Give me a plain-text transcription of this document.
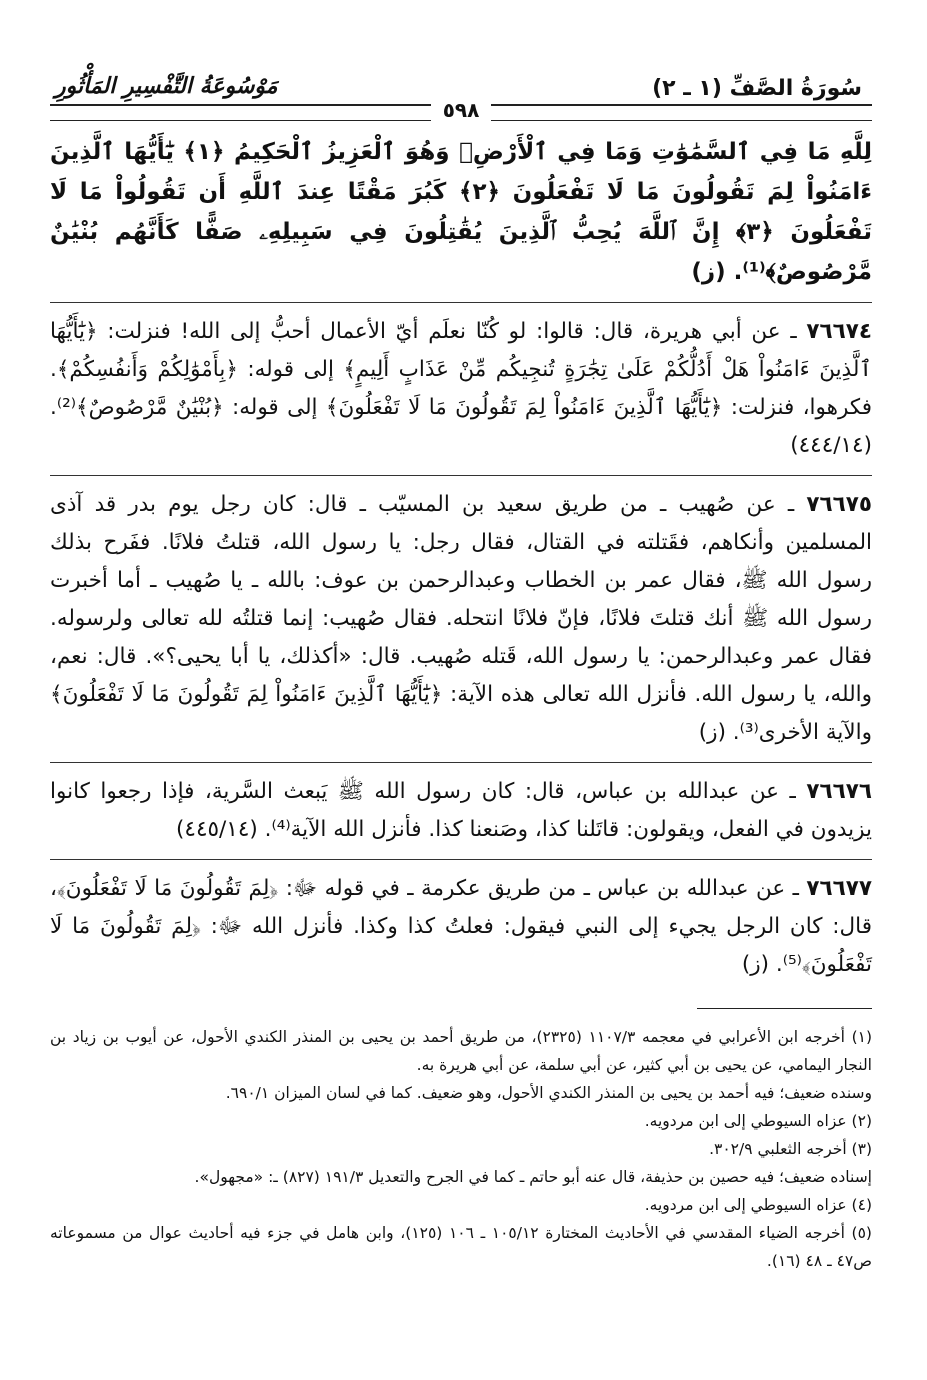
سُورَةُ الصَّفِّ (١ ـ ٢)
مَوْسُوعَةُ التَّفْسِيرِ المَأْثُورِ
٥٩٨
لِلَّهِ مَا فِي ٱلسَّمَٰوَٰتِ وَمَا فِي ٱلْأَرْضِۖ وَهُوَ ٱلْعَزِيزُ ٱلْحَكِيمُ ﴿١﴾ يَٰٓأَيُّهَا ٱلَّذِينَ ءَامَنُواْ لِمَ تَقُولُونَ مَا لَا تَفْعَلُونَ ﴿٢﴾ كَبُرَ مَقْتًا عِندَ ٱللَّهِ أَن تَقُولُواْ مَا لَا تَفْعَلُونَ ﴿٣﴾ إِنَّ ٱللَّهَ يُحِبُّ ٱلَّذِينَ يُقَٰتِلُونَ فِي سَبِيلِهِۦ صَفًّا كَأَنَّهُم بُنْيَٰنٌ مَّرْصُوصٌ﴾⁽¹⁾. (ز)
٧٦٦٧٤ ـ عن أبي هريرة، قال: قالوا: لو كُنّا نعلَم أيّ الأعمال أحبُّ إلى الله! فنزلت: ﴿يَٰٓأَيُّهَا ٱلَّذِينَ ءَامَنُواْ هَلْ أَدُلُّكُمْ عَلَىٰ تِجَٰرَةٍ تُنجِيكُم مِّنْ عَذَابٍ أَلِيمٍ﴾ إلى قوله: ﴿بِأَمْوَٰلِكُمْ وَأَنفُسِكُمْ﴾. فكرهوا، فنزلت: ﴿يَٰٓأَيُّهَا ٱلَّذِينَ ءَامَنُواْ لِمَ تَقُولُونَ مَا لَا تَفْعَلُونَ﴾ إلى قوله: ﴿بُنْيَٰنٌ مَّرْصُوصٌ﴾⁽²⁾. (٤٤٤/١٤)
٧٦٦٧٥ ـ عن صُهيب ـ من طريق سعيد بن المسيّب ـ قال: كان رجل يوم بدر قد آذى المسلمين وأنكاهم، فقَتلته في القتال، فقال رجل: يا رسول الله، قتلتُ فلانًا. ففَرح بذلك رسول الله ﷺ، فقال عمر بن الخطاب وعبدالرحمن بن عوف: بالله ـ يا صُهيب ـ أما أخبرت رسول الله ﷺ أنك قتلتَ فلانًا، فإنّ فلانًا انتحله. فقال صُهيب: إنما قتلتُه لله تعالى ولرسوله. فقال عمر وعبدالرحمن: يا رسول الله، قَتله صُهيب. قال: «أكذلك، يا أبا يحيى؟». قال: نعم، والله، يا رسول الله. فأنزل الله تعالى هذه الآية: ﴿يَٰٓأَيُّهَا ٱلَّذِينَ ءَامَنُواْ لِمَ تَقُولُونَ مَا لَا تَفْعَلُونَ﴾ والآية الأخرى⁽³⁾. (ز)
٧٦٦٧٦ ـ عن عبدالله بن عباس، قال: كان رسول الله ﷺ يَبعث السَّرية، فإذا رجعوا كانوا يزيدون في الفعل، ويقولون: قاتَلنا كذا، وصَنعنا كذا. فأنزل الله الآية⁽⁴⁾. (٤٤٥/١٤)
٧٦٦٧٧ ـ عن عبدالله بن عباس ـ من طريق عكرمة ـ في قوله ﷻ: ﴿لِمَ تَقُولُونَ مَا لَا تَفْعَلُونَ﴾، قال: كان الرجل يجيء إلى النبي فيقول: فعلتُ كذا وكذا. فأنزل الله ﷻ: ﴿لِمَ تَقُولُونَ مَا لَا تَفْعَلُونَ﴾⁽⁵⁾. (ز)

(١) أخرجه ابن الأعرابي في معجمه ١١٠٧/٣ (٢٣٢٥)، من طريق أحمد بن يحيى بن المنذر الكندي الأحول، عن أيوب بن زياد بن النجار اليمامي، عن يحيى بن أبي كثير، عن أبي سلمة، عن أبي هريرة به.

وسنده ضعيف؛ فيه أحمد بن يحيى بن المنذر الكندي الأحول، وهو ضعيف. كما في لسان الميزان ٦٩٠/١.

(٢) عزاه السيوطي إلى ابن مردويه.

(٣) أخرجه الثعلبي ٣٠٢/٩.

إسناده ضعيف؛ فيه حصين بن حذيفة، قال عنه أبو حاتم ـ كما في الجرح والتعديل ١٩١/٣ (٨٢٧) ـ: «مجهول».

(٤) عزاه السيوطي إلى ابن مردويه.

(٥) أخرجه الضياء المقدسي في الأحاديث المختارة ١٠٥/١٢ ـ ١٠٦ (١٢٥)، وابن هامل في جزء فيه أحاديث عوال من مسموعاته ص٤٧ ـ ٤٨ (١٦).
